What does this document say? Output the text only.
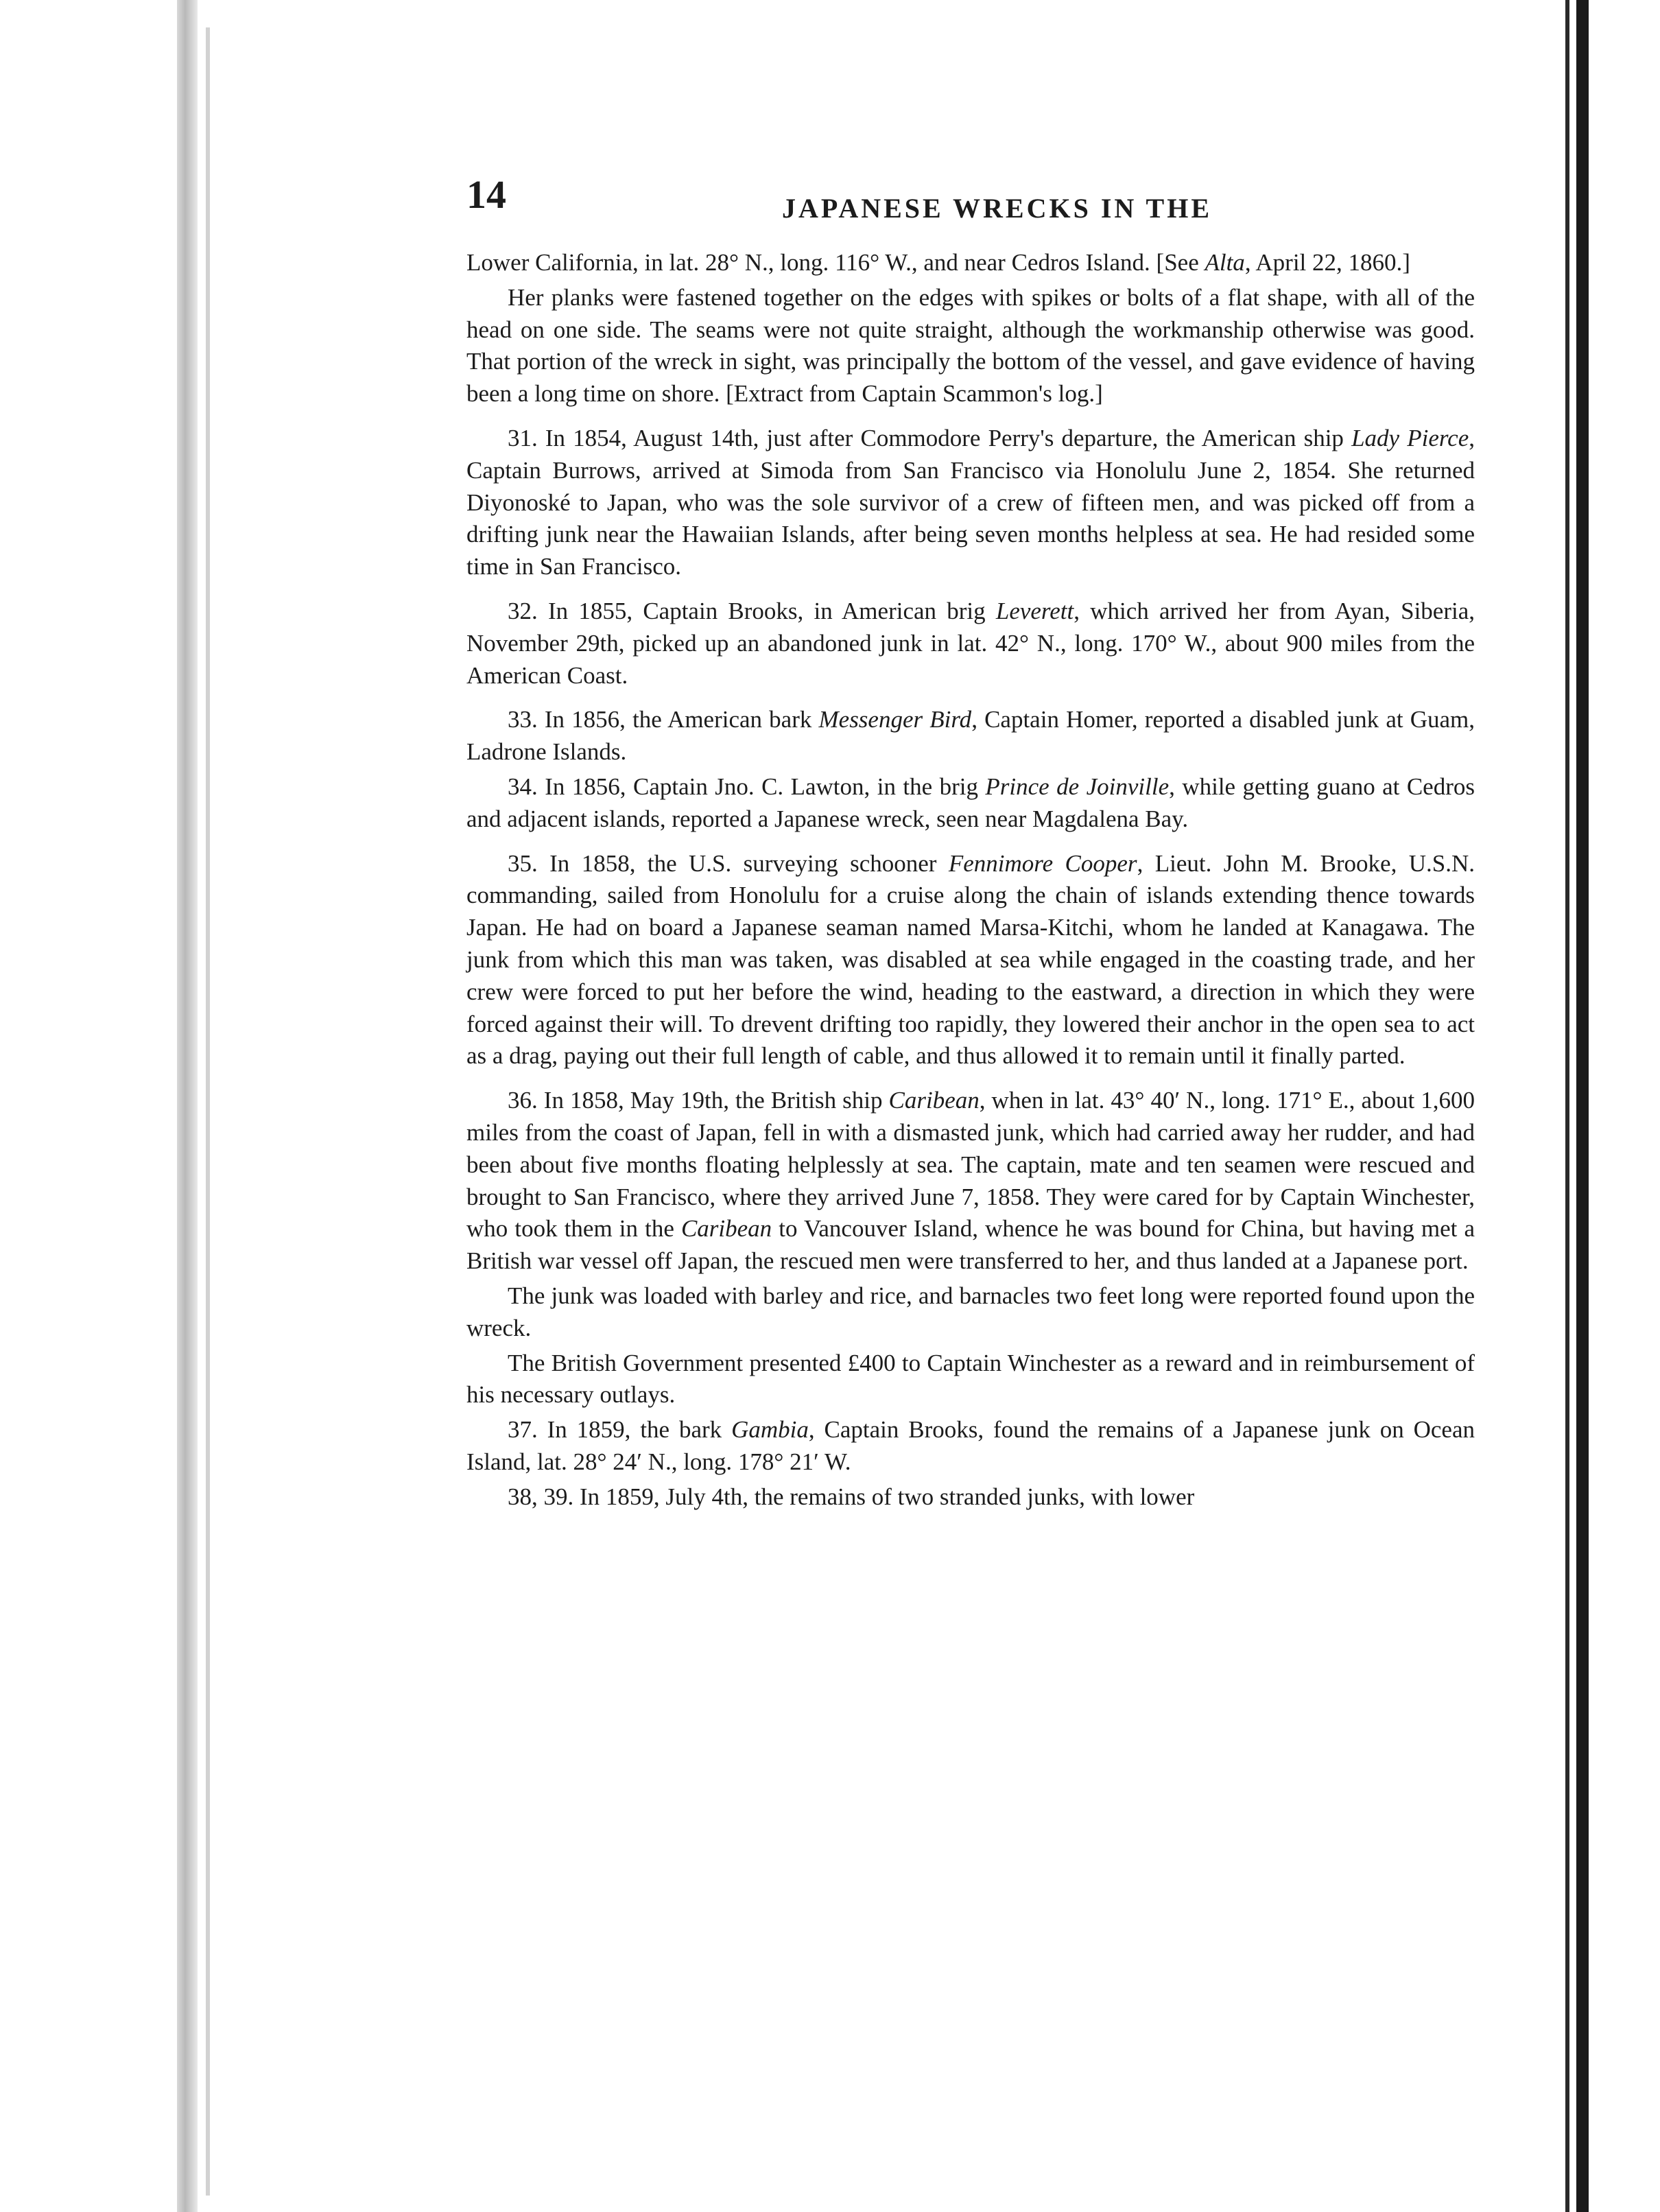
14	JAPANESE WRECKS IN THE

Lower California, in lat. 28° N., long. 116° W., and near Cedros Island. [See Alta, April 22, 1860.]

Her planks were fastened together on the edges with spikes or bolts of a flat shape, with all of the head on one side. The seams were not quite straight, although the workmanship otherwise was good. That portion of the wreck in sight, was principally the bottom of the vessel, and gave evidence of having been a long time on shore. [Extract from Captain Scammon's log.]

31. In 1854, August 14th, just after Commodore Perry's departure, the American ship Lady Pierce, Captain Burrows, arrived at Simoda from San Francisco via Honolulu June 2, 1854. She returned Diyonoské to Japan, who was the sole survivor of a crew of fifteen men, and was picked off from a drifting junk near the Hawaiian Islands, after being seven months helpless at sea. He had resided some time in San Francisco.

32. In 1855, Captain Brooks, in American brig Leverett, which arrived her from Ayan, Siberia, November 29th, picked up an abandoned junk in lat. 42° N., long. 170° W., about 900 miles from the American Coast.

33. In 1856, the American bark Messenger Bird, Captain Homer, reported a disabled junk at Guam, Ladrone Islands.

34. In 1856, Captain Jno. C. Lawton, in the brig Prince de Joinville, while getting guano at Cedros and adjacent islands, reported a Japanese wreck, seen near Magdalena Bay.

35. In 1858, the U.S. surveying schooner Fennimore Cooper, Lieut. John M. Brooke, U.S.N. commanding, sailed from Honolulu for a cruise along the chain of islands extending thence towards Japan. He had on board a Japanese seaman named Marsa-Kitchi, whom he landed at Kanagawa. The junk from which this man was taken, was disabled at sea while engaged in the coasting trade, and her crew were forced to put her before the wind, heading to the eastward, a direction in which they were forced against their will. To drevent drifting too rapidly, they lowered their anchor in the open sea to act as a drag, paying out their full length of cable, and thus allowed it to remain until it finally parted.

36. In 1858, May 19th, the British ship Caribean, when in lat. 43° 40′ N., long. 171° E., about 1,600 miles from the coast of Japan, fell in with a dismasted junk, which had carried away her rudder, and had been about five months floating helplessly at sea. The captain, mate and ten seamen were rescued and brought to San Francisco, where they arrived June 7, 1858. They were cared for by Captain Winchester, who took them in the Caribean to Vancouver Island, whence he was bound for China, but having met a British war vessel off Japan, the rescued men were transferred to her, and thus landed at a Japanese port.

The junk was loaded with barley and rice, and barnacles two feet long were reported found upon the wreck.

The British Government presented £400 to Captain Winchester as a reward and in reimbursement of his necessary outlays.

37. In 1859, the bark Gambia, Captain Brooks, found the remains of a Japanese junk on Ocean Island, lat. 28° 24′ N., long. 178° 21′ W.

38, 39. In 1859, July 4th, the remains of two stranded junks, with lower
